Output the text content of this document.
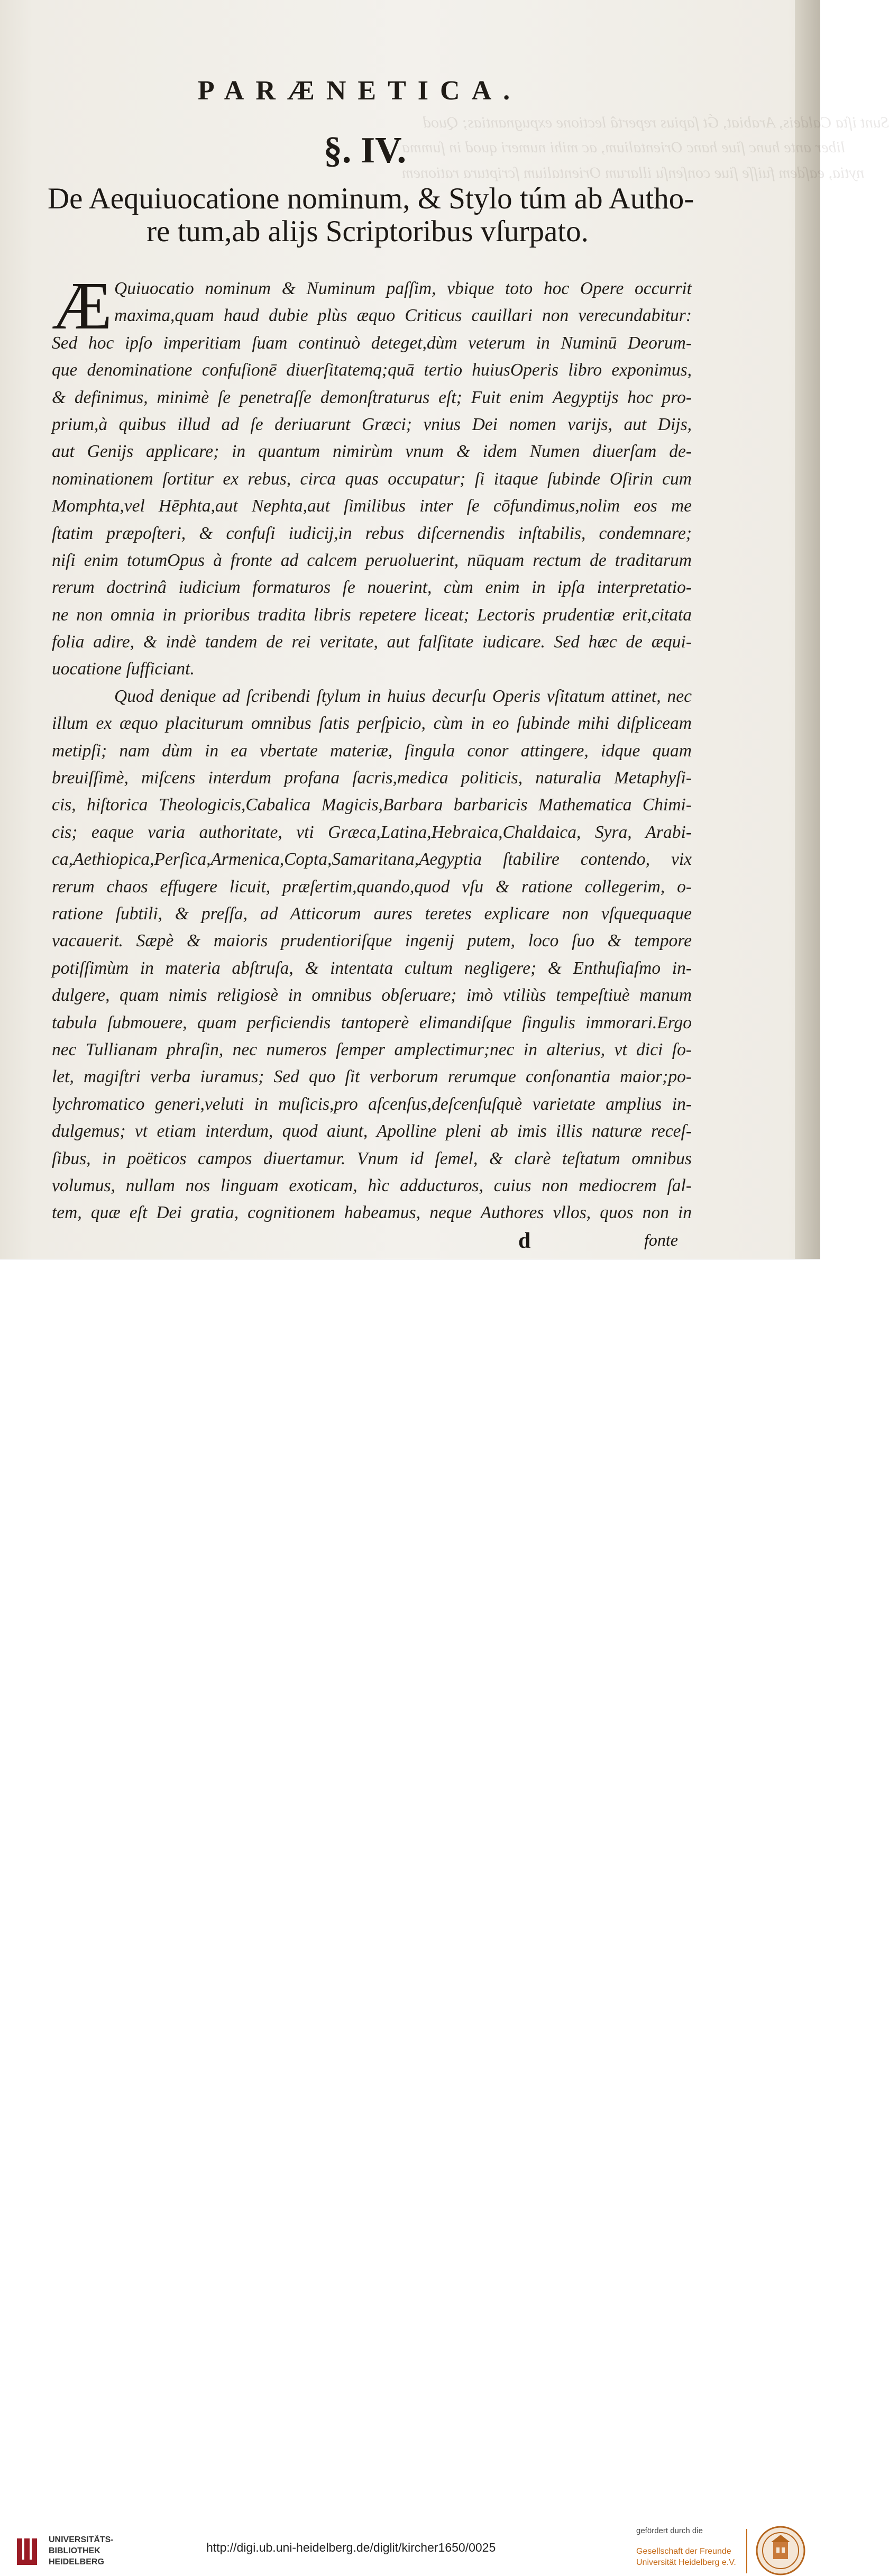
Sunt iſta Caldeis, Arabiat, Ǵt ſapius repertâ lectione expugnantias; Quod
liber ante hunc ſiue hanc Orientalium, ac mihi numeri quod in ſumma
nytia, eaſdem fuiſſe ſiue conſenſu illarum Orientalium ſcriptura rationem
PARÆNETICA.
§. IV.
De Aequiuocatione nominum, & Stylo túm ab Autho-
re tum,ab alijs Scriptoribus vſurpato.
Æ Quiuocatio nominum & Numinum paſſim, vbique toto hoc Opere occurrit
maxima,quam haud dubie plùs æquo Criticus cauillari non verecundabitur:
Sed hoc ipſo imperitiam ſuam continuò deteget,dùm veterum in Numinū Deorum-
que denominatione confuſionē diuerſitatemq;quā tertio huiusOperis libro exponimus,
& definimus, minimè ſe penetraſſe demonſtraturus eſt; Fuit enim Aegyptijs hoc pro-
prium,à quibus illud ad ſe deriuarunt Græci; vnius Dei nomen varijs, aut Dijs,
aut Genijs applicare; in quantum nimirùm vnum & idem Numen diuerſam de-
nominationem ſortitur ex rebus, circa quas occupatur; ſi itaque ſubinde Oſirin cum
Momphta,vel Hēphta,aut Nephta,aut ſimilibus inter ſe cōfundimus,nolim eos me
ſtatim præpoſteri, & confuſi iudicij,in rebus diſcernendis inſtabilis, condemnare;
niſi enim totumOpus à fronte ad calcem peruoluerint, nūquam rectum de traditarum
rerum doctrinâ iudicium formaturos ſe nouerint, cùm enim in ipſa interpretatio-
ne non omnia in prioribus tradita libris repetere liceat; Lectoris prudentiæ erit,citata
folia adire, & indè tandem de rei veritate, aut falſitate iudicare. Sed hæc de æqui-
uocatione ſufficiant.
Quod denique ad ſcribendi ſtylum in huius decurſu Operis vſitatum attinet, nec
illum ex æquo placiturum omnibus ſatis perſpicio, cùm in eo ſubinde mihi diſpliceam
metipſi; nam dùm in ea vbertate materiæ, ſingula conor attingere, idque quam
breuiſſimè, miſcens interdum profana ſacris,medica politicis, naturalia Metaphyſi-
cis, hiſtorica Theologicis,Cabalica Magicis,Barbara barbaricis Mathematica Chimi-
cis; eaque varia authoritate, vti Græca,Latina,Hebraica,Chaldaica, Syra, Arabi-
ca,Aethiopica,Perſica,Armenica,Copta,Samaritana,Aegyptia ſtabilire contendo, vix
rerum chaos effugere licuit, præſertim,quando,quod vſu & ratione collegerim, o-
ratione ſubtili, & preſſa, ad Atticorum aures teretes explicare non vſquequaque
vacauerit. Sæpè & maioris prudentioriſque ingenij putem, loco ſuo & tempore
potiſſimùm in materia abſtruſa, & intentata cultum negligere; & Enthuſiaſmo in-
dulgere, quam nimis religiosè in omnibus obſeruare; imò vtiliùs tempeſtiuè manum
tabula ſubmouere, quam perficiendis tantoperè elimandiſque ſingulis immorari.Ergo
nec Tullianam phraſin, nec numeros ſemper amplectimur;nec in alterius, vt dici ſo-
let, magiſtri verba iuramus; Sed quo ſit verborum rerumque conſonantia maior;po-
lychromatico generi,veluti in muſicis,pro aſcenſus,deſcenſuſquè varietate amplius in-
dulgemus; vt etiam interdum, quod aiunt, Apolline pleni ab imis illis naturæ receſ-
ſibus, in poëticos campos diuertamur. Vnum id ſemel, & clarè teſtatum omnibus
volumus, nullam nos linguam exoticam, hìc adducturos, cuius non mediocrem ſal-
tem, quæ eſt Dei gratia, cognitionem habeamus, neque Authores vllos, quos non in
d	fonte
UNIVERSITÄTS-
BIBLIOTHEK
HEIDELBERG
http://digi.ub.uni-heidelberg.de/diglit/kircher1650/0025
gefördert durch die
Gesellschaft der Freunde
Universität Heidelberg e.V.
